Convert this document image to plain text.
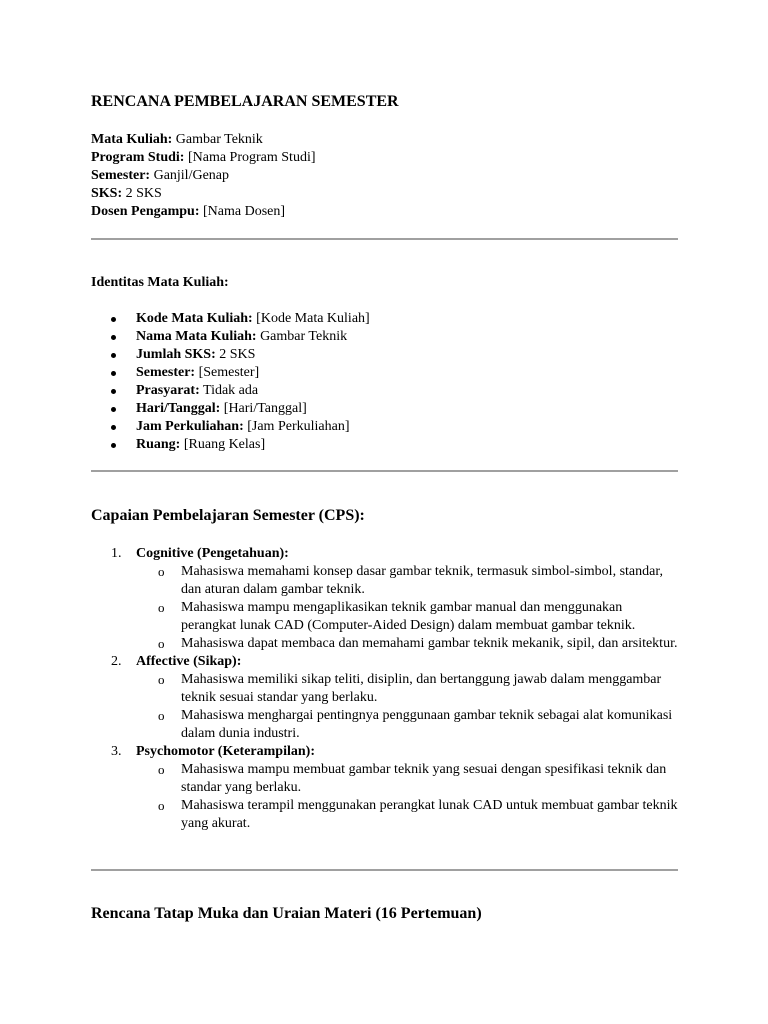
RENCANA PEMBELAJARAN SEMESTER
Mata Kuliah: Gambar Teknik
Program Studi: [Nama Program Studi]
Semester: Ganjil/Genap
SKS: 2 SKS
Dosen Pengampu: [Nama Dosen]
Identitas Mata Kuliah:
Kode Mata Kuliah: [Kode Mata Kuliah]
Nama Mata Kuliah: Gambar Teknik
Jumlah SKS: 2 SKS
Semester: [Semester]
Prasyarat: Tidak ada
Hari/Tanggal: [Hari/Tanggal]
Jam Perkuliahan: [Jam Perkuliahan]
Ruang: [Ruang Kelas]
Capaian Pembelajaran Semester (CPS):
1. Cognitive (Pengetahuan):
o Mahasiswa memahami konsep dasar gambar teknik, termasuk simbol-simbol, standar, dan aturan dalam gambar teknik.
o Mahasiswa mampu mengaplikasikan teknik gambar manual dan menggunakan perangkat lunak CAD (Computer-Aided Design) dalam membuat gambar teknik.
o Mahasiswa dapat membaca dan memahami gambar teknik mekanik, sipil, dan arsitektur.
2. Affective (Sikap):
o Mahasiswa memiliki sikap teliti, disiplin, dan bertanggung jawab dalam menggambar teknik sesuai standar yang berlaku.
o Mahasiswa menghargai pentingnya penggunaan gambar teknik sebagai alat komunikasi dalam dunia industri.
3. Psychomotor (Keterampilan):
o Mahasiswa mampu membuat gambar teknik yang sesuai dengan spesifikasi teknik dan standar yang berlaku.
o Mahasiswa terampil menggunakan perangkat lunak CAD untuk membuat gambar teknik yang akurat.
Rencana Tatap Muka dan Uraian Materi (16 Pertemuan)
